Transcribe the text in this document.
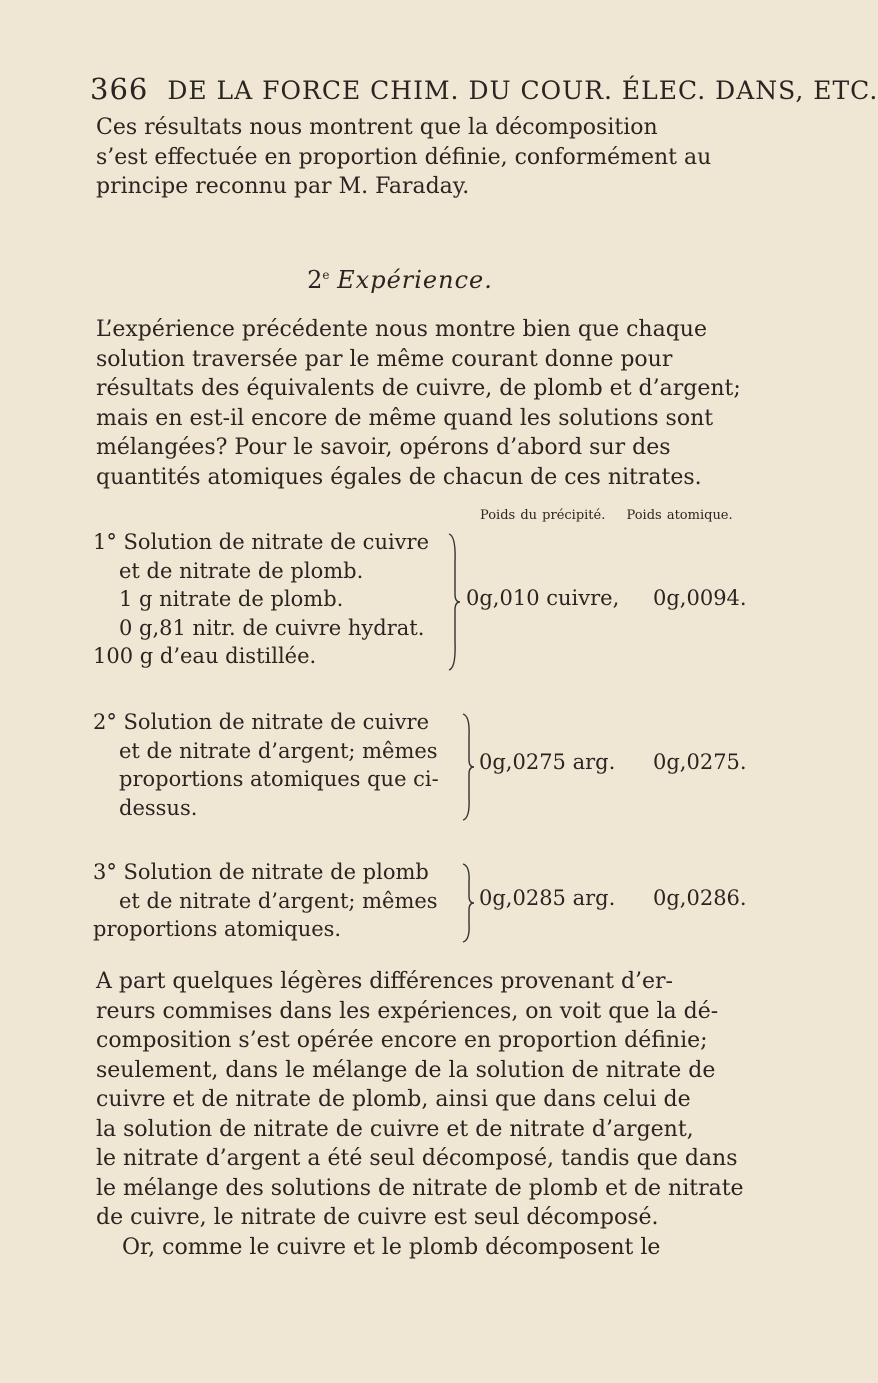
366 DE LA FORCE CHIM. DU COUR. ÉLEC. DANS, ETC.
Ces résultats nous montrent que la décomposition
s’est effectuée en proportion définie, conformément au
principe reconnu par M. Faraday.
2e Expérience.
L’expérience précédente nous montre bien que chaque
solution traversée par le même courant donne pour
résultats des équivalents de cuivre, de plomb et d’argent;
mais en est-il encore de même quand les solutions sont
mélangées? Pour le savoir, opérons d’abord sur des
quantités atomiques égales de chacun de ces nitrates.
Poids du précipité. Poids atomique.
1° Solution de nitrate de cuivre
et de nitrate de plomb.
1 g nitrate de plomb.
0 g,81 nitr. de cuivre hydrat.
100 g d’eau distillée.
0g,010 cuivre, 0g,0094.
2° Solution de nitrate de cuivre
et de nitrate d’argent; mêmes
proportions atomiques que ci-
dessus.
0g,0275 arg. 0g,0275.
3° Solution de nitrate de plomb
et de nitrate d’argent; mêmes
proportions atomiques.
0g,0285 arg. 0g,0286.
A part quelques légères différences provenant d’er-
reurs commises dans les expériences, on voit que la dé-
composition s’est opérée encore en proportion définie;
seulement, dans le mélange de la solution de nitrate de
cuivre et de nitrate de plomb, ainsi que dans celui de
la solution de nitrate de cuivre et de nitrate d’argent,
le nitrate d’argent a été seul décomposé, tandis que dans
le mélange des solutions de nitrate de plomb et de nitrate
de cuivre, le nitrate de cuivre est seul décomposé.
Or, comme le cuivre et le plomb décomposent le
